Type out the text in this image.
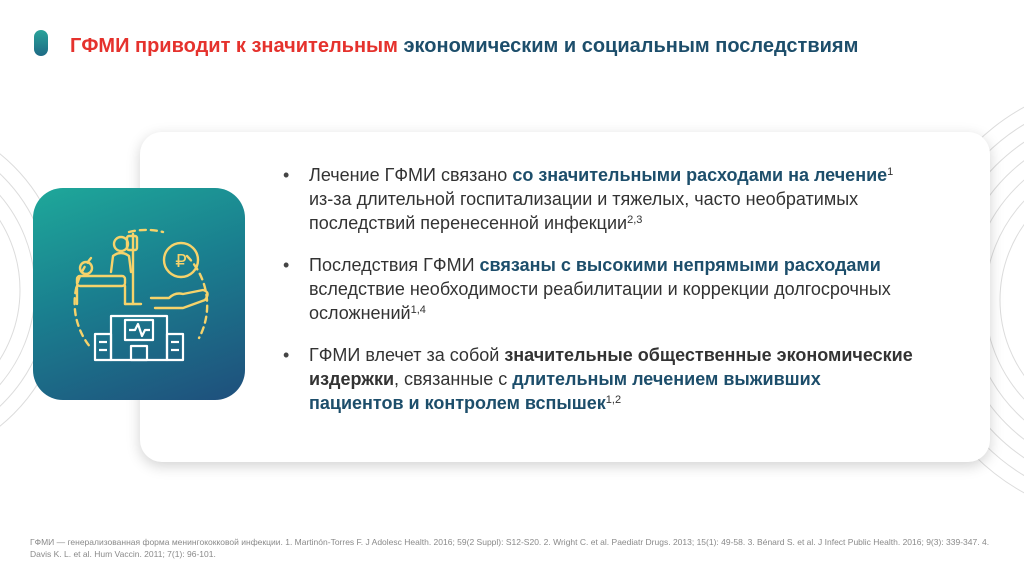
ГФМИ приводит к значительным экономическим и социальным последствиям
₽
• Лечение ГФМИ связано со значительными расходами на лечение$^1$ из-за длительной госпитализации и тяжелых, часто необратимых последствий перенесенной инфекции$^{2,3}$
• Последствия ГФМИ связаны с высокими непрямыми расходами вследствие необходимости реабилитации и коррекции долгосрочных осложнений$^{1,4}$
• ГФМИ влечет за собой значительные общественные экономические издержки, связанные с длительным лечением выживших пациентов и контролем вспышек$^{1,2}$
ГФМИ — генерализованная форма менингококковой инфекции. 1. Martinón-Torres F. J Adolesc Health. 2016; 59(2 Suppl): S12-S20. 2. Wright C. et al. Paediatr Drugs. 2013; 15(1): 49-58. 3. Bénard S. et al. J Infect Public Health. 2016; 9(3): 339-347. 4. Davis K. L. et al. Hum Vaccin. 2011; 7(1): 96-101.
